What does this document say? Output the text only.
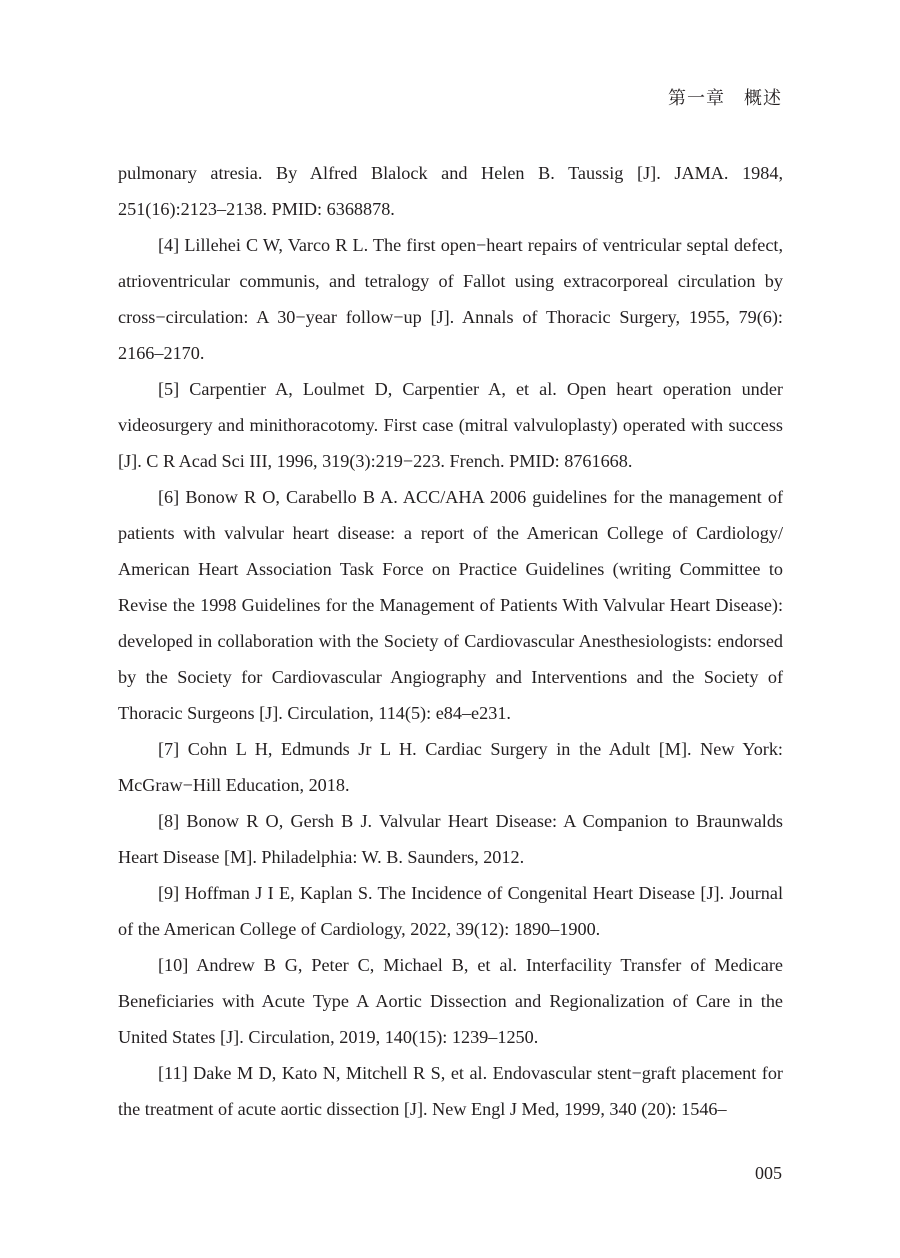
第一章　概述

pulmonary atresia. By Alfred Blalock and Helen B. Taussig [J]. JAMA. 1984, 251(16):2123–2138. PMID: 6368878.

[4] Lillehei C W, Varco R L. The first open−heart repairs of ventricular septal defect, atrioventricular communis, and tetralogy of Fallot using extracorporeal circulation by cross−circulation: A 30−year follow−up [J]. Annals of Thoracic Surgery, 1955, 79(6): 2166–2170.

[5] Carpentier A, Loulmet D, Carpentier A, et al. Open heart operation under videosurgery and minithoracotomy. First case (mitral valvuloplasty) operated with success [J]. C R Acad Sci III, 1996, 319(3):219−223. French. PMID: 8761668.

[6] Bonow R O, Carabello B A. ACC/AHA 2006 guidelines for the management of patients with valvular heart disease: a report of the American College of Cardiology/ American Heart Association Task Force on Practice Guidelines (writing Committee to Revise the 1998 Guidelines for the Management of Patients With Valvular Heart Disease): developed in collaboration with the Society of Cardiovascular Anesthesiologists: endorsed by the Society for Cardiovascular Angiography and Interventions and the Society of Thoracic Surgeons [J]. Circulation, 114(5): e84–e231.

[7] Cohn L H, Edmunds Jr L H. Cardiac Surgery in the Adult [M]. New York: McGraw−Hill Education, 2018.

[8] Bonow R O, Gersh B J. Valvular Heart Disease: A Companion to Braunwalds Heart Disease [M]. Philadelphia: W. B. Saunders, 2012.

[9] Hoffman J I E, Kaplan S. The Incidence of Congenital Heart Disease [J]. Journal of the American College of Cardiology, 2022, 39(12): 1890–1900.

[10] Andrew B G, Peter C, Michael B, et al. Interfacility Transfer of Medicare Beneficiaries with Acute Type A Aortic Dissection and Regionalization of Care in the United States [J]. Circulation, 2019, 140(15): 1239–1250.

[11] Dake M D, Kato N, Mitchell R S, et al. Endovascular stent−graft placement for the treatment of acute aortic dissection [J]. New Engl J Med, 1999, 340 (20): 1546–

005
